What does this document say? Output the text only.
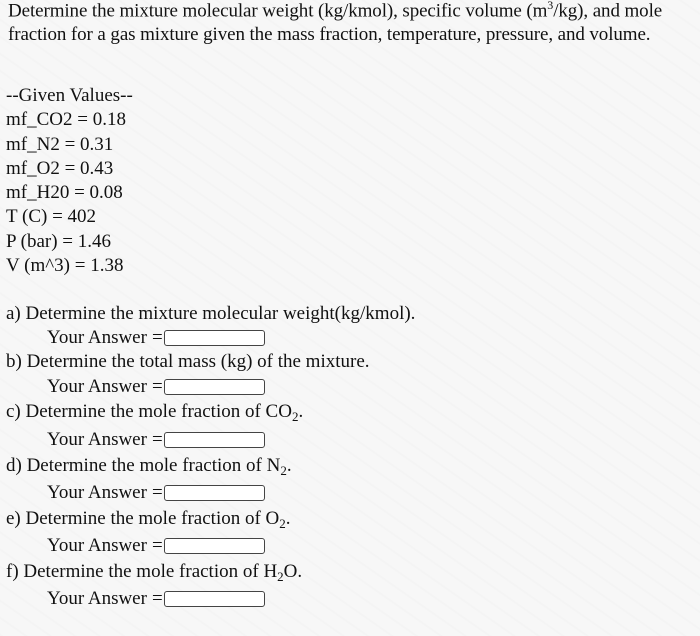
Determine the mixture molecular weight (kg/kmol), specific volume $(m^3/kg)$, and mole fraction for a gas mixture given the mass fraction, temperature, pressure, and volume.
--Given Values--
mf_CO2 = 0.18
mf_N2 = 0.31
mf_O2 = 0.43
mf_H20 = 0.08
T (C) = 402
P (bar) = 1.46
V (m^3) = 1.38
a) Determine the mixture molecular weight(kg/kmol).
Your Answer =
b) Determine the total mass (kg) of the mixture.
Your Answer =
c) Determine the mole fraction of $CO_2$.
Your Answer =
d) Determine the mole fraction of $N_2$.
Your Answer =
e) Determine the mole fraction of $O_2$.
Your Answer =
f) Determine the mole fraction of $H_2O$.
Your Answer =
